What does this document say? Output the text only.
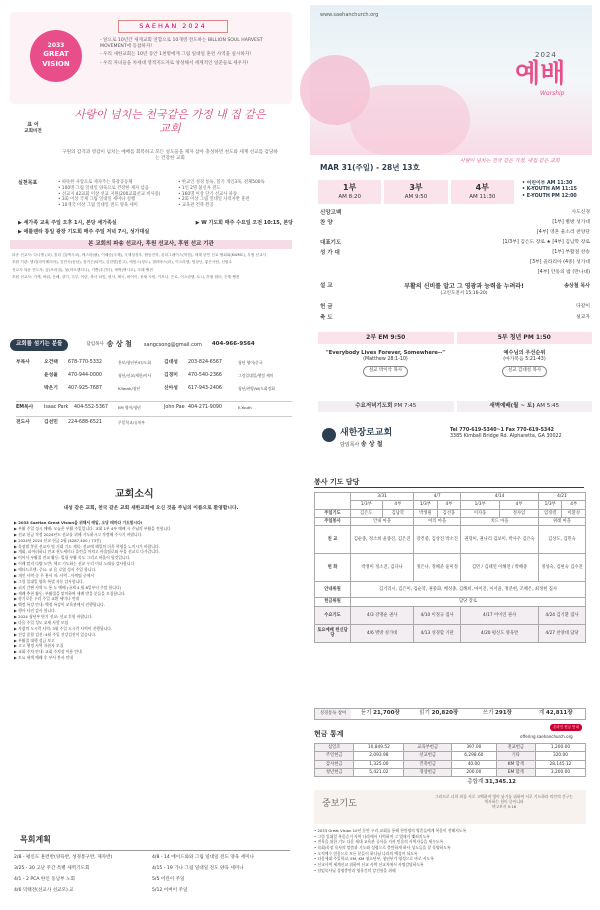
SAEHAN 2024
2033
GREAT
VISION
- 앞으로 10년간 새게교회 연합으로 10개영 전도하는 BILLION SOUL HARVEST MOVEMENT에 동참하자!
- 우리 새한교회는 10년 동안 1천명에게 그림 일대일 훈련 사역을 실시하자!
- 우리 자녀들을 차세대 영적지도자로 양성해서 세계적인 일꾼들로 세우자!
표 어
교회비전
사랑이 넘치는 천국같은 가정 내 집 같은 교회
구원의 감격과 영감이 넘치는 예배를 회복하고 모든 성도들을 제자 삼아 충성하면 천도와 세계 선교를 감당하는 건강한 교회
실천목표	• 따뜻한 사랑으로 제자주는 목장공동체
• 100명 그림 일대일 양육으로 건강한 제자 삼음
• 선교지 42교회 이상 선교 지원(200교회선교 비사용)
• 3회 이상 국제 그림 일대일 세미나 실행
• 10개국 이상 그림 일대일 전도 양육 세미
• 한교인 성경 통독, 읽기 개인3독, 전체500독
• 1인 2명 불신자 전도
• 160명 이상 단기 선교사 파송
• 2회 이상 그림 일대일 사역자반 훈련
• 교육관 건축 완공
▶ 세가족 교육 주일 오후 1시, 본당 세가족실	▶ W 기도회 매주 수요일 오전 10:15, 본당
▶ 애틀랜타 통일 광장 기도회 매주 주일 저녁 7시, 성가대실
본 교회의 파송 선교사, 후원 선교사, 후원 선교 기관
파송 선교사: 다니엘 (코), 홀리 김(멕시코), 에스라(필), 이혜순(국제), 국제성경우, 합동신학, 윤리그레이스(북한), 세계 한인 선교 협회회(KWMC), 우범 선교사
후원 기관: 엘리(라이베리아), 김민숙(동남), 장기곤(타이), 김한별(몽고), 에임스(청도), 갤러바스(러), 이스라엘, 엄청난, 좋은사람, 신원수
선교지 복음 전도자: 꿈(브라질), 물(아르헨티나), 기쁨(우간다), 새벽(멕시코), 모래 펭귄
후원 선교사: 키케, 바위, 은혜, 향기, 두부, 이란, 축사 타임, 평사, 태국, 바이이, 웅재 사랑, 카모나, 은로, 이스라엘, 토니, 후원 쉼터, 은빛 펭귄
교회를 섬기는 분들	담임목사 송 상 철 sangcsong@gmail.com 404-966-9564
부목사	오건택	678-770-5332	홍보/청년부/IT/도회	김대성	203-824-6567	청년 영어/중국
윤성율	470-944-0000	청년/선교/제한/이사	김경미	470-540-2366	그림일대일/행정 세미
박은기	407-925-7687	K-Youth/청년	신아성	617-943-2406	청년/찬양/W/도회정회
EM목사	Isaac Park	404-552-5367	EM 영어/청년	John Pae 404-271-9090	E-Youth
전도사	김선민	224-688-6521	주일학교/유치부
www.saehanchurch.org
2024
예배
Worship
MAR 31(주일) - 28년 13호
사랑이 넘치는 천국 같은 가정, 내집 같은 교회
1부
AM 8:20
3부
AM 9:50
4부
AM 11:30
• 어린이부 AM 11:30
• K-YOUTH AM 11:15
• E-YOUTH PM 12:00
신앙고백	사도신경
찬 양	[1부] 별방 성가대
[4부] 영혼 울소리 찬양단
대표기도	[1/3부] 김은도 장로 ★ [4부] 김남학 장로
성 가 대	[1부] 부활절 찬송
[3부] 골라리아 (4중) 성가대
[4부] 안동의 밤 (만나대)
설 교	부활의 신비를 알고 그 영광과 능력을 누려라!
(고린도전서 15:16-20)
송상철 목사
헌 금	다같이
축 도	설교자
2부 EM 9:50	5부 청년 PM 1:50
"Everybody Lives Forever, Somewhere--"
(Matthew 28:1-10)
설교 박이삭 목사
예수님의 우선순위
(마가복음 5:21-43)
설교 김대성 목사
수요저녁기도회 PM 7:45	새벽예배(월 ~ 토) AM 5:45
새한장로교회
담임목사 송 상 철
Tel 770-619-5340~1 Fax 770-619-5342
3385 Kimball Bridge Rd. Alpharetta, GA 30022
교회소식
내성 같은 교회, 천국 같은 교회 새한교회에 오신 것을 주님의 이름으로 환영합니다.
▶ 2033 SaeHan Great Vision을 위해서 매일, 오당 때마다 기도합시다!
▶ 부활 주일 성시 예배: 오늘은 부활 주일입니다. 교회 1부 4부 예배 시 주님의 부활을 전합니다
▶ 선교 헌금 작정 2024년도 선교를 위해 기도하시고 작정해 주시기 바랍니다.
▶ 2024년 2024 선교 헌금 2월 ($287,400 / 73건)
▶ 목장별 봉헌 선교사 및 거대 기도 제목: 선교에 헤일의 더욱 학영을 느끼시기 바랍니다.
▶ 개회, 피어러하니 전교 천도세미나 훈련을 마치고 바울팀로와 부울 선교로 다가갑니다.
▶ 이어서 부활절 전교 활동: 빌립 부활 목도 그리고 바울이 될것입니다.
▶ 이레 말지 다양 도반: 세고 기도하는 선교 우리 미녀 노래를 감사합니다
▶ 예타드로덴: 중요: 교 음 로열 성서 주일 합니다.
▶ 개인 사역 중 무 용서 지: 사역 - 사역팀 중에서
▶ 그림 일대일 양육 특별 자동 감사합니다.
▶ 피지 간판 사역 도 통 도 예배 (국제 4 월 8일부터 주말 합니다)
▶ 세례 추천 활동: 부활절을 맞이하여 세례 받을 분들을 모집합니다.
▶ 향기로운 우리 주일 교환 세미나 안내
▶ 백정 특강 안내: 백정 특강이 교육관에서 진행됩니다.
▶ 행사 사진 감사 합니다.
▶ 2024 청년부 단기 선교: 선교 후원 바랍니다.
▶ 다음 주일 성도 교제 사람 모임
▶ 사랑의 도시락 사역: 3월 주일 도시락 사역이 진행됩니다.
▶ 건강 종합 검진: 4월 주일 건강검진이 있습니다.
▶ 부활절 대행 성금 보고
▶ 고고 행정 사역 자원자 모집
▶ 교회 주차 안내: 교회 주차장 이용 안내
▶ 토요 새벽 예배 후 부서 봉사 안내
목회계획
2/8 - 평신도 훈련반(양육반, 성경통구반, 제자반)	4/8 - 14 에이드와와 그림 일대일 전도 양육 세미나
3/25 - 30 고난 주간 특별 새벽기도회	4/15 - 19 가나 그림 일대일 전도 양육 세미나
4/1 - 2 PCA 한인 동남부 노회	5/5 어린이 주일
4/6 덕태전(선교사 선교모) 교	5/12 어버이 주일
봉사 기도 담당
	3/31		4/7		4/14		4/21	
	1/3부	4부	1/3부	4부	1/3부	4부	1/3부	4부
주일기도	김은도	김남학	박생필	김선웅	이자웅	정자임	엄정렬	이환성
주일봉사	안내 마을		여의 마을		치드 마을		위례 마을	
친 교	김순종, 정소희 윤종진, 김은진		강건중, 김상진 박소진		권형미, 권나리 김보미, 박사우 김은숙		김상도, 김민숙	
헌 화	박정미 정소진, 김다나		정은나, 정해준 윤미정		김민 / 김태연 이해연 / 박해중		정성숙, 김현숙 김수진	
안내위원	김거리시, 김은미, 김순학, 권중화, 배성종, 김해희, 마이진, 이서윤, 정분현, 조해은, 최정현 집사							
헌금위원	담당 장로							
수요기도	4/3 강명순 권사		4/10 이정규 집사		4/17 어이연 권사		4/24 김기환 집사	
토요예배 헌신담당	4/6 별방 성가대		4/13 성경합 기관		4/20 평신도 양육반		4/27 찬양대 담당	
성경통독 참여	듣기 21,700장	읽기 20,820장	쓰기 291장	계 42,811장
온라인 헌금 안내
현금 통계	offering.saehanchurch.org
십일조	10,849.52	교육부헌금	397.00	전교헌금	1,200.00
주일헌금	2,093.98	선교헌금	6,298.60	기타	320.00
감사헌금	1,325.00	건축헌금	40.00	KM 합계	28,145.12
청년헌금	5,421.02	경상헌금	200.00	EM 합계	3,200.00
총합계 31,345.12
중보기도
그러므로 너희 죄를 서로 고백하며 병이 낫기를 위하여 서로 기도하라 의인의 간구는 역사하는 힘이 큼이니라
야고보서 5:16
• 2033 Great Vision 10년 동안 우리 교회를 통해 천만명의 영혼들에게 복음이 전해지도록
• 그림 일대일 복음증거 사역 나라에서 사역하며 그 열매가 맺혀지도록
• 전육을 위한 기도 다음 세대 교육관 공사를 지켜 믿음의 사역자들을 세우도록
• 목회/목장 목사의 말씀과 기도와 성령으로 충만하게 하사 성도들을 잘 목양하도록
• 오직예수 믿음으로 모든 분들이 하나님 나라의 백성이 되도록
• 다음세대 주일학교, EM, KM 청소년부, 청년부가 영성으로 바로 서도록
• 선교사역 세계선교 위하여 선교 사역 선교지에서 사명감당하도록
• 담임목사님 성령충만과 영육간의 강건함을 위해
